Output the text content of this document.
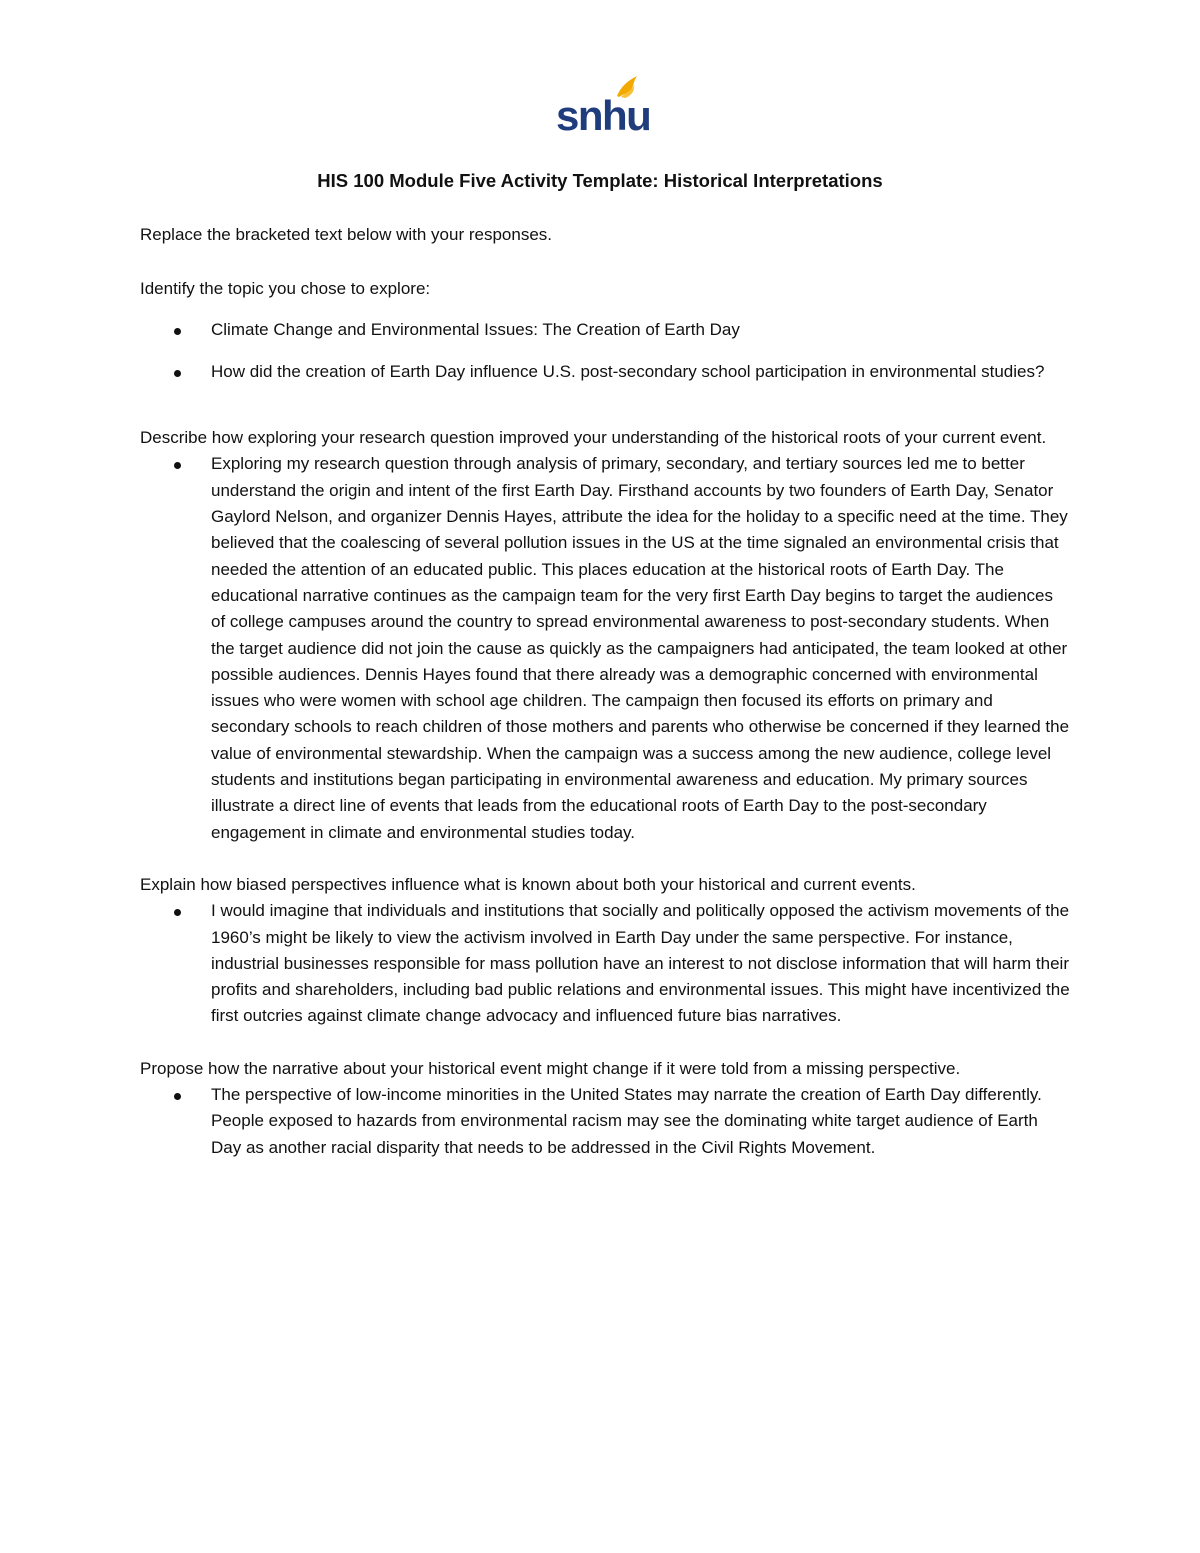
snhu
HIS 100 Module Five Activity Template: Historical Interpretations

Replace the bracketed text below with your responses.

Identify the topic you chose to explore:

Climate Change and Environmental Issues: The Creation of Earth Day
How did the creation of Earth Day influence U.S. post-secondary school participation in environmental studies?

Describe how exploring your research question improved your understanding of the historical roots of your current event.

Exploring my research question through analysis of primary, secondary, and tertiary sources led me to better understand the origin and intent of the first Earth Day. Firsthand accounts by two founders of Earth Day, Senator Gaylord Nelson, and organizer Dennis Hayes, attribute the idea for the holiday to a specific need at the time. They believed that the coalescing of several pollution issues in the US at the time signaled an environmental crisis that needed the attention of an educated public. This places education at the historical roots of Earth Day. The educational narrative continues as the campaign team for the very first Earth Day begins to target the audiences of college campuses around the country to spread environmental awareness to post-secondary students. When the target audience did not join the cause as quickly as the campaigners had anticipated, the team looked at other possible audiences. Dennis Hayes found that there already was a demographic concerned with environmental issues who were women with school age children. The campaign then focused its efforts on primary and secondary schools to reach children of those mothers and parents who otherwise be concerned if they learned the value of environmental stewardship. When the campaign was a success among the new audience, college level students and institutions began participating in environmental awareness and education. My primary sources illustrate a direct line of events that leads from the educational roots of Earth Day to the post-secondary engagement in climate and environmental studies today.

Explain how biased perspectives influence what is known about both your historical and current events.

I would imagine that individuals and institutions that socially and politically opposed the activism movements of the 1960’s might be likely to view the activism involved in Earth Day under the same perspective. For instance, industrial businesses responsible for mass pollution have an interest to not disclose information that will harm their profits and shareholders, including bad public relations and environmental issues. This might have incentivized the first outcries against climate change advocacy and influenced future bias narratives.

Propose how the narrative about your historical event might change if it were told from a missing perspective.

The perspective of low-income minorities in the United States may narrate the creation of Earth Day differently. People exposed to hazards from environmental racism may see the dominating white target audience of Earth Day as another racial disparity that needs to be addressed in the Civil Rights Movement.
